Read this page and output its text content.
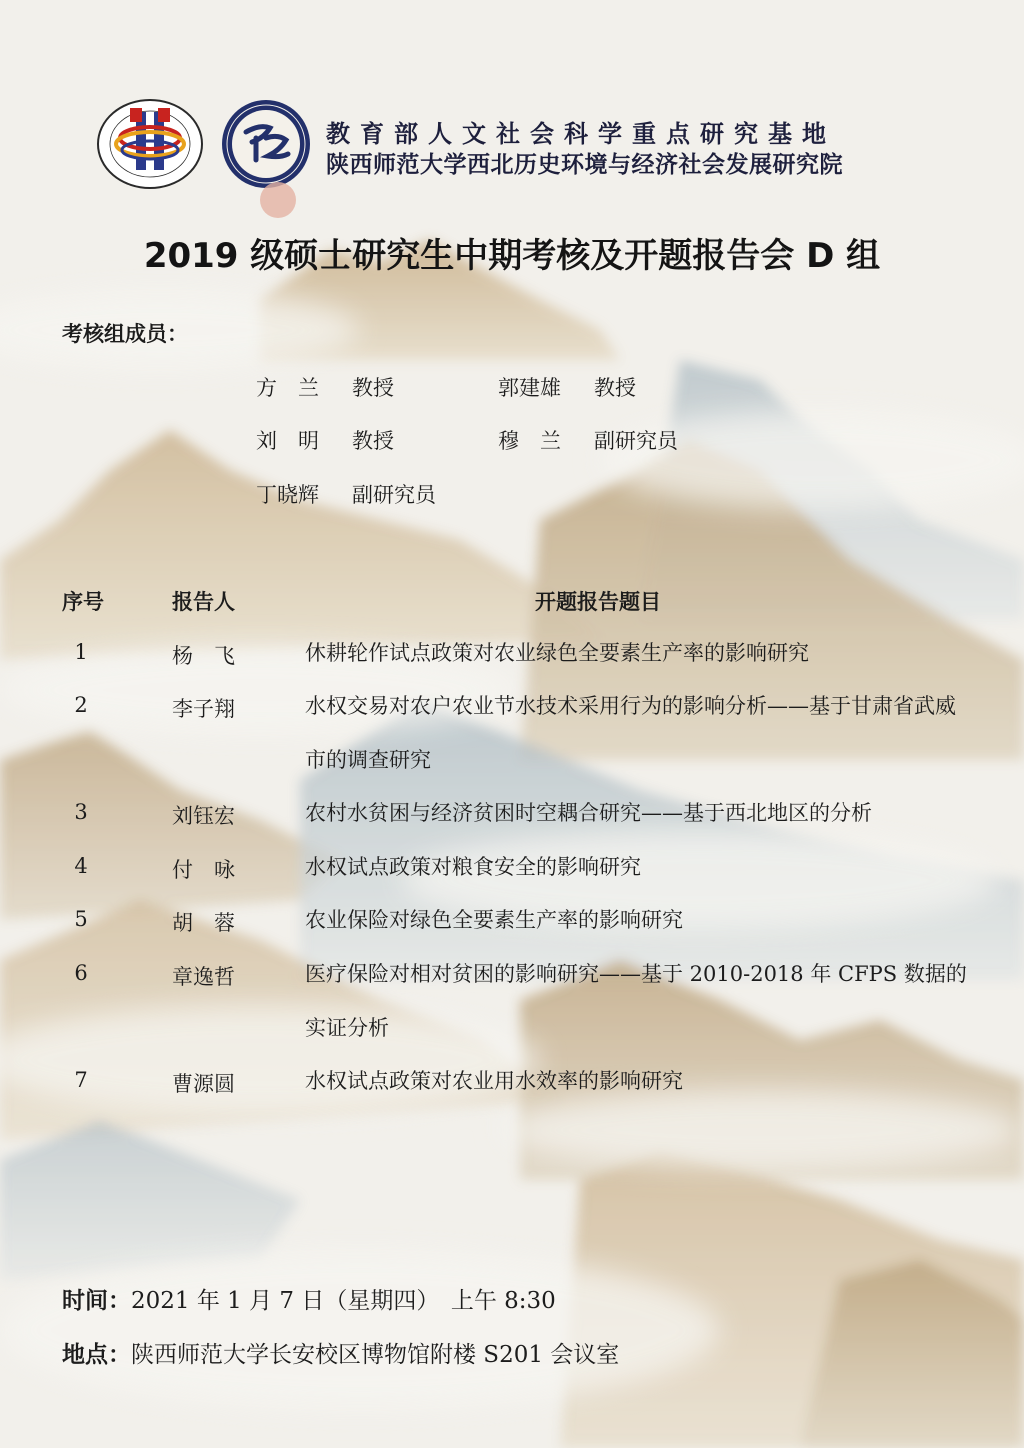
教育部人文社会科学重点研究基地
陕西师范大学西北历史环境与经济社会发展研究院
2019 级硕士研究生中期考核及开题报告会 D 组
考核组成员：
方　兰 教授	郭建雄 教授
刘　明 教授	穆　兰 副研究员
丁晓辉 副研究员
序号	报告人	开题报告题目
1	杨　飞	休耕轮作试点政策对农业绿色全要素生产率的影响研究
2	李子翔	水权交易对农户农业节水技术采用行为的影响分析——基于甘肃省武威市的调查研究
3	刘钰宏	农村水贫困与经济贫困时空耦合研究——基于西北地区的分析
4	付　咏	水权试点政策对粮食安全的影响研究
5	胡　蓉	农业保险对绿色全要素生产率的影响研究
6	章逸哲	医疗保险对相对贫困的影响研究——基于 2010-2018 年 CFPS 数据的实证分析
7	曹源圆	水权试点政策对农业用水效率的影响研究
时间：2021 年 1 月 7 日（星期四）　上午 8:30
地点：陕西师范大学长安校区博物馆附楼 S201 会议室
